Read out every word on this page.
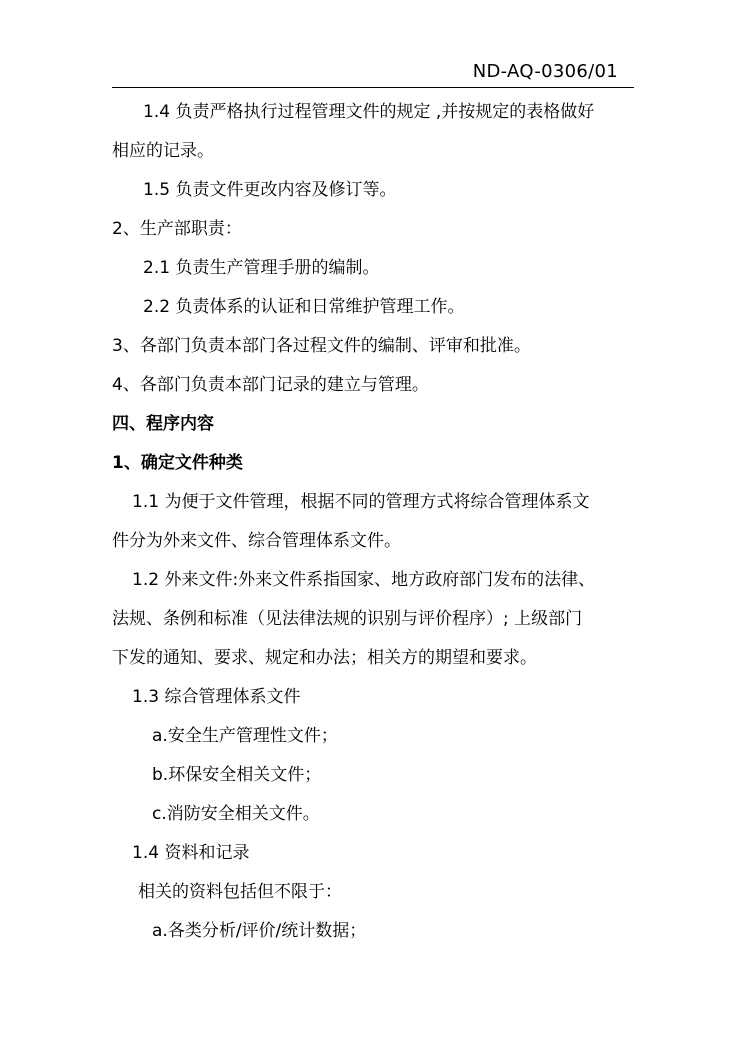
ND-AQ-0306/01
1.4 负责严格执行过程管理文件的规定 ,并按规定的表格做好
相应的记录。
1.5 负责文件更改内容及修订等。
2、生产部职责：
2.1 负责生产管理手册的编制。
2.2 负责体系的认证和日常维护管理工作。
3、各部门负责本部门各过程文件的编制、评审和批准。
4、各部门负责本部门记录的建立与管理。
四、程序内容
1、确定文件种类
1.1 为便于文件管理，根据不同的管理方式将综合管理体系文
件分为外来文件、综合管理体系文件。
1.2 外来文件:外来文件系指国家、地方政府部门发布的法律、
法规、条例和标准（见法律法规的识别与评价程序）; 上级部门
下发的通知、要求、规定和办法；相关方的期望和要求。
1.3 综合管理体系文件
a.安全生产管理性文件；
b.环保安全相关文件；
c.消防安全相关文件。
1.4 资料和记录
相关的资料包括但不限于：
a.各类分析/评价/统计数据；
